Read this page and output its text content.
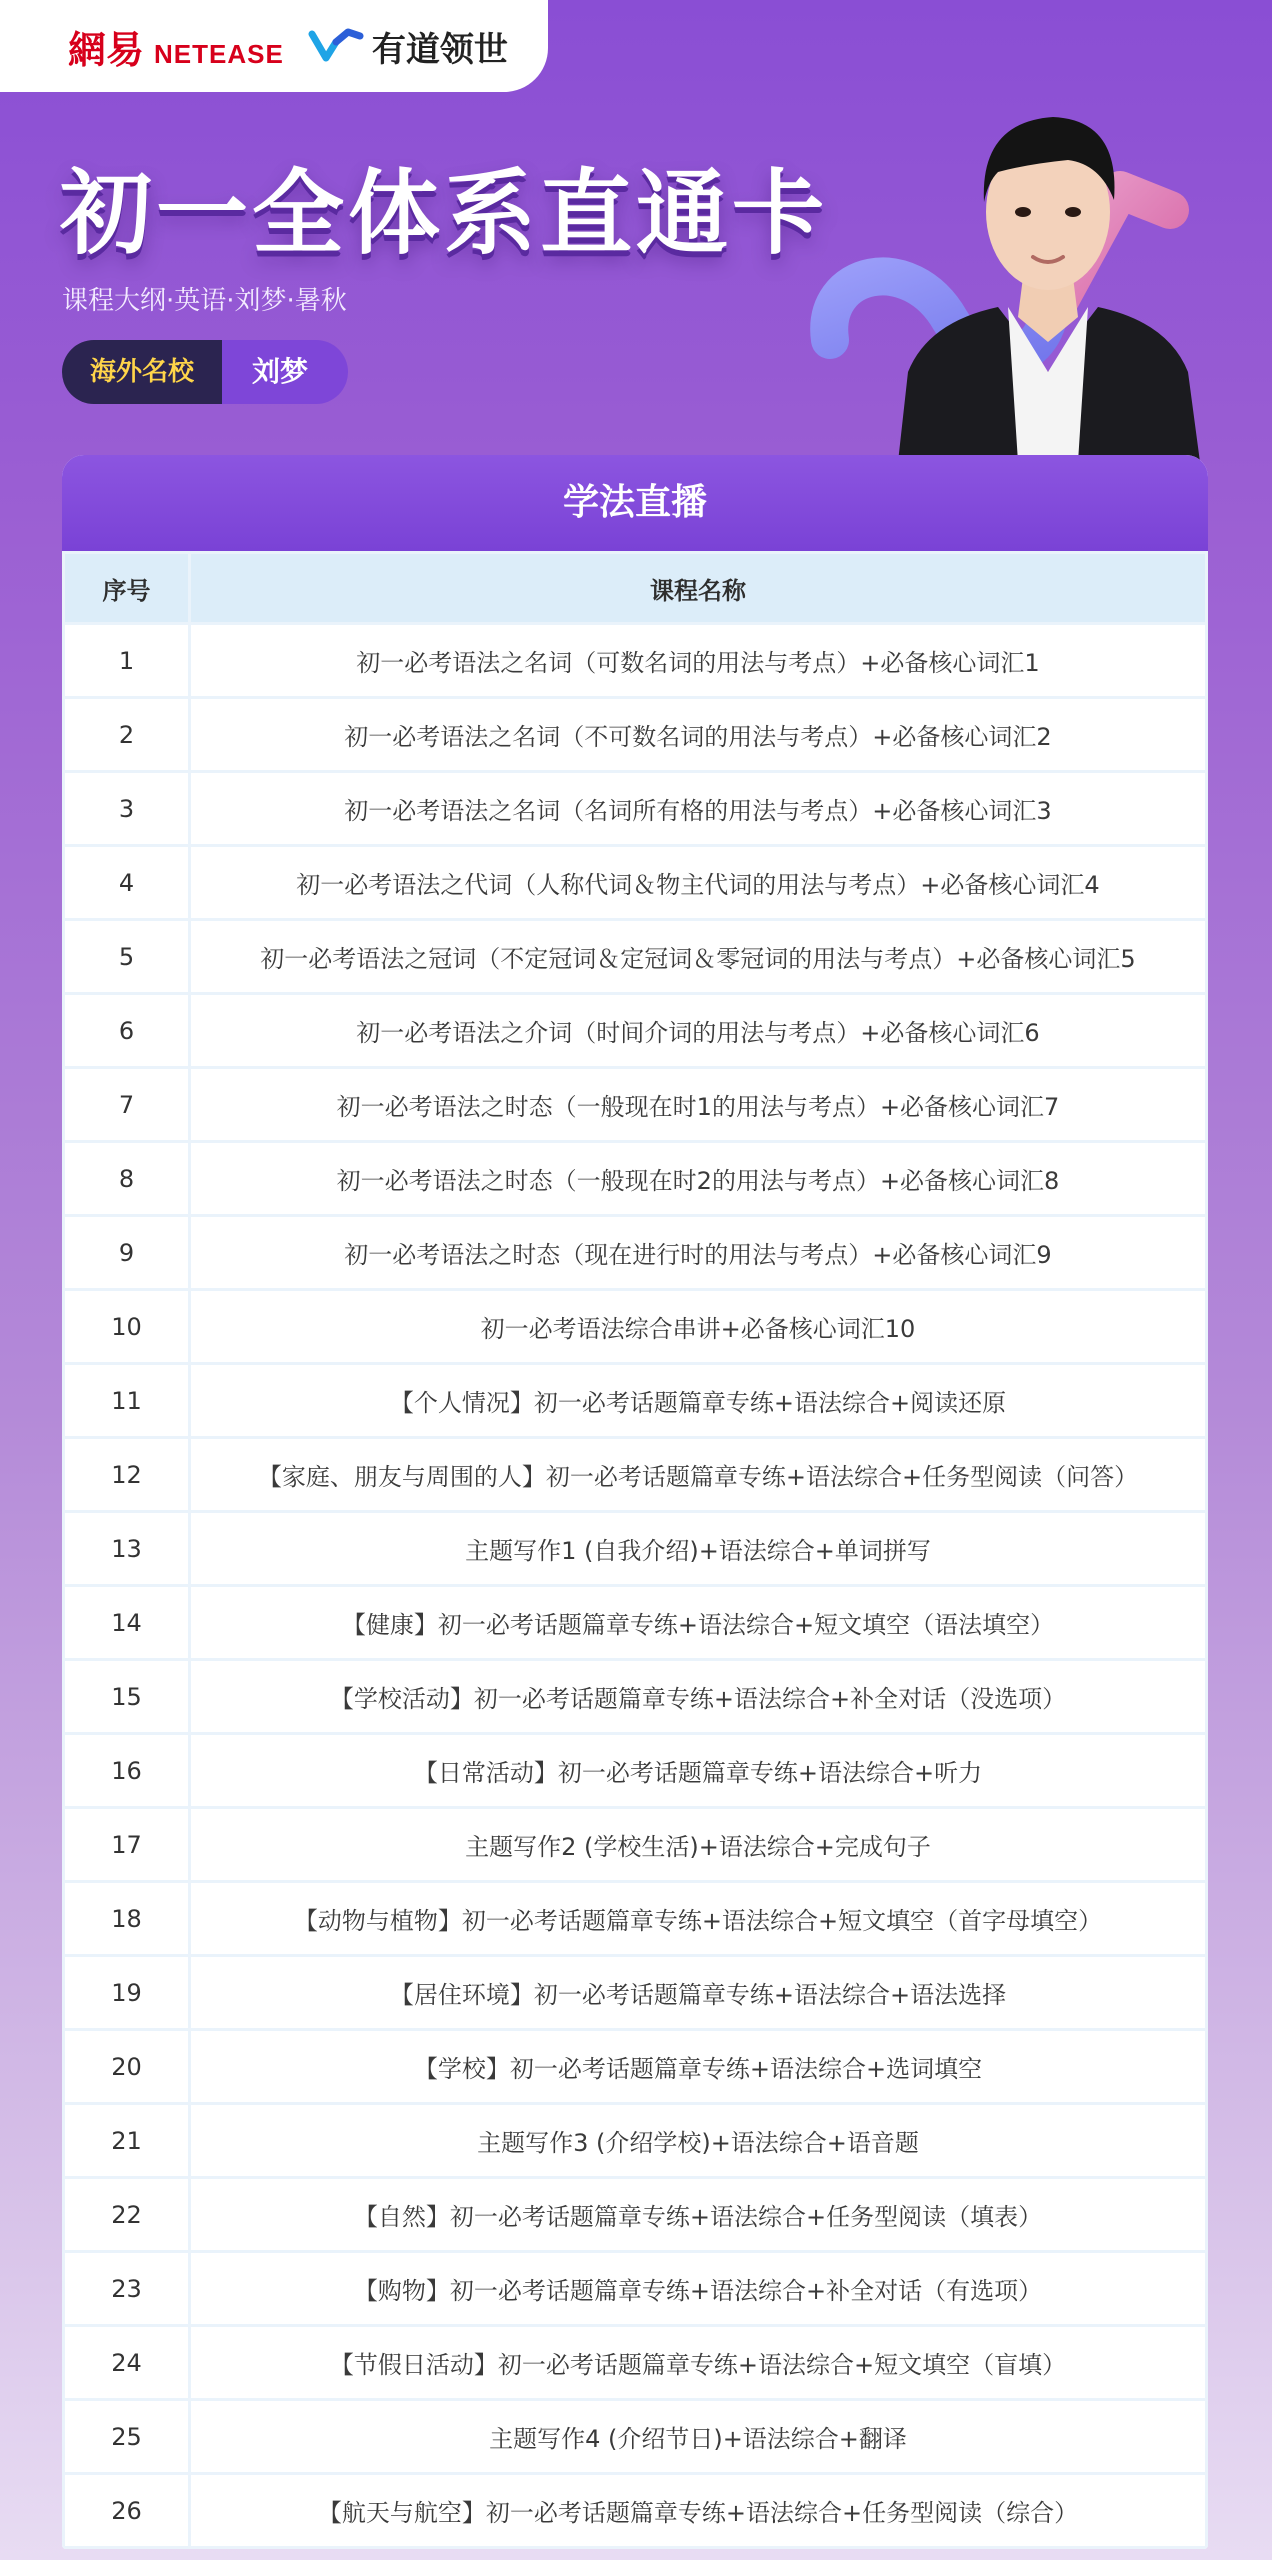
網易 NETEASE	有道领世
初一全体系直通卡
课程大纲·英语·刘梦·暑秋
海外名校	刘梦
学法直播
序号	课程名称
1	初一必考语法之名词（可数名词的用法与考点）+必备核心词汇1
2	初一必考语法之名词（不可数名词的用法与考点）+必备核心词汇2
3	初一必考语法之名词（名词所有格的用法与考点）+必备核心词汇3
4	初一必考语法之代词（人称代词＆物主代词的用法与考点）+必备核心词汇4
5	初一必考语法之冠词（不定冠词＆定冠词＆零冠词的用法与考点）+必备核心词汇5
6	初一必考语法之介词（时间介词的用法与考点）+必备核心词汇6
7	初一必考语法之时态（一般现在时1的用法与考点）+必备核心词汇7
8	初一必考语法之时态（一般现在时2的用法与考点）+必备核心词汇8
9	初一必考语法之时态（现在进行时的用法与考点）+必备核心词汇9
10	初一必考语法综合串讲+必备核心词汇10
11	【个人情况】初一必考话题篇章专练+语法综合+阅读还原
12	【家庭、朋友与周围的人】初一必考话题篇章专练+语法综合+任务型阅读（问答）
13	主题写作1 (自我介绍)+语法综合+单词拼写
14	【健康】初一必考话题篇章专练+语法综合+短文填空（语法填空）
15	【学校活动】初一必考话题篇章专练+语法综合+补全对话（没选项）
16	【日常活动】初一必考话题篇章专练+语法综合+听力
17	主题写作2 (学校生活)+语法综合+完成句子
18	【动物与植物】初一必考话题篇章专练+语法综合+短文填空（首字母填空）
19	【居住环境】初一必考话题篇章专练+语法综合+语法选择
20	【学校】初一必考话题篇章专练+语法综合+选词填空
21	主题写作3 (介绍学校)+语法综合+语音题
22	【自然】初一必考话题篇章专练+语法综合+任务型阅读（填表）
23	【购物】初一必考话题篇章专练+语法综合+补全对话（有选项）
24	【节假日活动】初一必考话题篇章专练+语法综合+短文填空（盲填）
25	主题写作4 (介绍节日)+语法综合+翻译
26	【航天与航空】初一必考话题篇章专练+语法综合+任务型阅读（综合）
